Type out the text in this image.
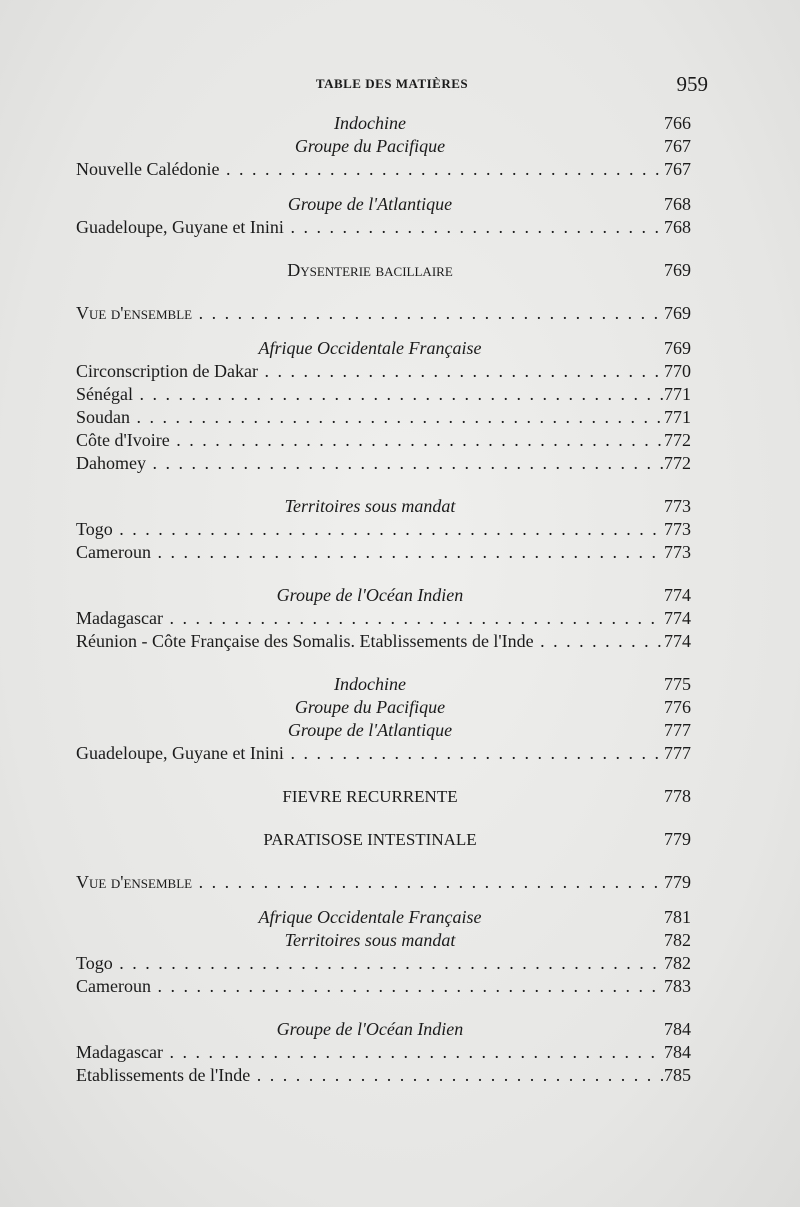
TABLE DES MATIÈRES	959
Indochine	766
Groupe du Pacifique	767
Nouvelle Calédonie . . .	767
Groupe de l'Atlantique	768
Guadeloupe, Guyane et Inini . . .	768
Dysenterie bacillaire	769
Vue d'ensemble . . .	769
Afrique Occidentale Française	769
Circonscription de Dakar . . .	770
Sénégal . . .	771
Soudan . . .	771
Côte d'Ivoire . . .	772
Dahomey . . .	772
Territoires sous mandat	773
Togo . . .	773
Cameroun . . .	773
Groupe de l'Océan Indien	774
Madagascar . . .	774
Réunion - Côte Française des Somalis. Etablissements de l'Inde . . .	774
Indochine	775
Groupe du Pacifique	776
Groupe de l'Atlantique	777
Guadeloupe, Guyane et Inini . . .	777
FIEVRE RECURRENTE	778
PARATISOSE INTESTINALE	779
Vue d'ensemble . . .	779
Afrique Occidentale Française	781
Territoires sous mandat	782
Togo . . .	782
Cameroun . . .	783
Groupe de l'Océan Indien	784
Madagascar . . .	784
Etablissements de l'Inde . . .	785
